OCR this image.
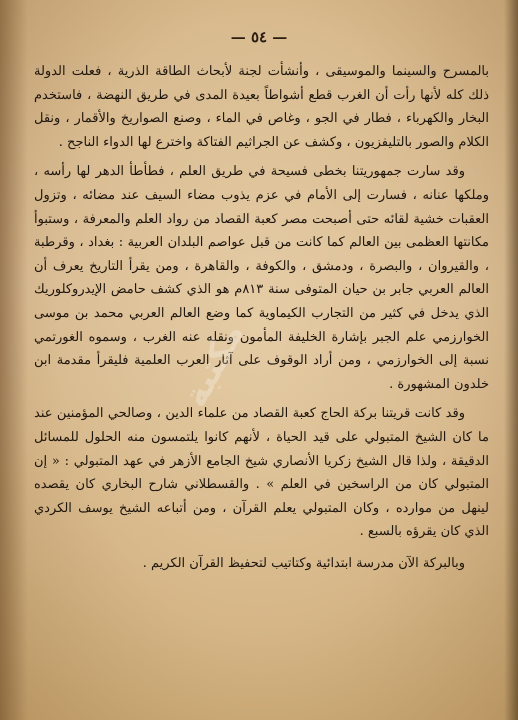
— ٥٤ —

بالمسرح والسينما والموسيقى ، وأنشأت لجنة لأبحاث الطاقة الذرية ، فعلت الدولة ذلك كله لأنها رأت أن الغرب قطع أشواطاً بعيدة المدى في طريق النهضة ، فاستخدم البخار والكهرباء ، فطار في الجو ، وغاص في الماء ، وصنع الصواريخ والأقمار ، ونقل الكلام والصور بالتليفزيون ، وكشف عن الجراثيم الفتاكة واخترع لها الدواء الناجح .

وقد سارت جمهوريتنا بخطى فسيحة في طريق العلم ، فطأطأ الدهر لها رأسه ، وملكها عنانه ، فسارت إلى الأمام في عزم يذوب مضاء السيف عند مضائه ، وتزول العقبات خشية لقائه حتى أصبحت مصر كعبة القصاد من رواد العلم والمعرفة ، وستبوأ مكانتها العظمى بين العالم كما كانت من قبل عواصم البلدان العربية : بغداد ، وقرطبة ، والقيروان ، والبصرة ، ودمشق ، والكوفة ، والقاهرة ، ومن يقرأ التاريخ يعرف أن العالم العربي جابر بن حيان المتوفى سنة ٨١٣م هو الذي كشف حامض الإيدروكلوريك الذي يدخل في كثير من التجارب الكيماوية كما وضع العالم العربي محمد بن موسى الخوارزمي علم الجبر بإشارة الخليفة المأمون ونقله عنه الغرب ، وسموه الغورتمي نسبة إلى الخوارزمي ، ومن أراد الوقوف على آثار العرب العلمية فليقرأ مقدمة ابن خلدون المشهورة .

وقد كانت قريتنا بركة الحاج كعبة القصاد من علماء الدين ، وصالحي المؤمنين عند ما كان الشيخ المتبولي على قيد الحياة ، لأنهم كانوا يلتمسون منه الحلول للمسائل الدقيقة ، ولذا قال الشيخ زكريا الأنصاري شيخ الجامع الأزهر في عهد المتبولي : « إن المتبولي كان من الراسخين في العلم » . والقسطلاني شارح البخاري كان يقصده لينهل من موارده ، وكان المتبولي يعلم القرآن ، ومن أتباعه الشيخ يوسف الكردي الذي كان يقرؤه بالسبع .

وبالبركة الآن مدرسة ابتدائية وكتاتيب لتحفيظ القرآن الكريم .

مكتبة
